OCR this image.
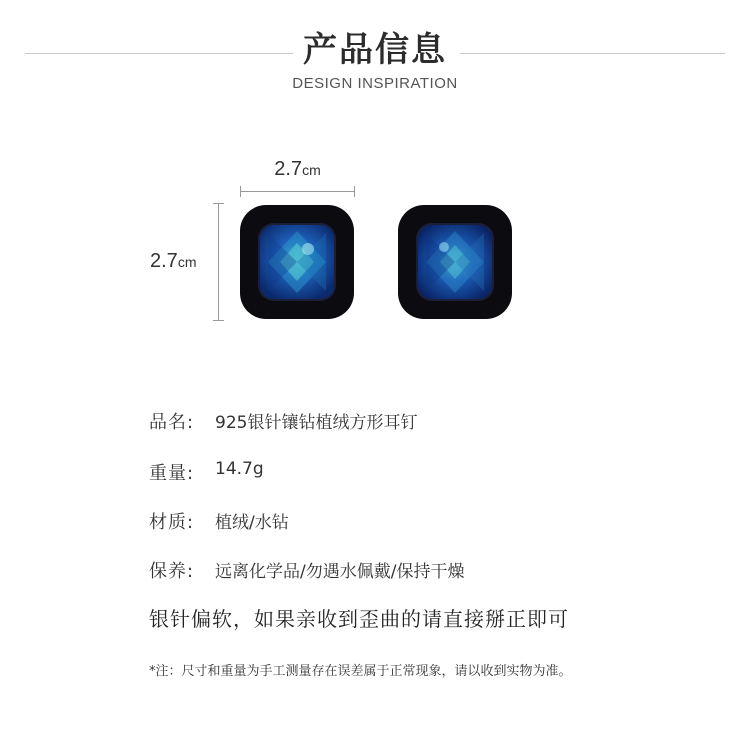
产品信息
DESIGN INSPIRATION
2.7cm
2.7cm
品名: 925银针镶钻植绒方形耳钉
重量: 14.7g
材质: 植绒/水钻
保养: 远离化学品/勿遇水佩戴/保持干燥
银针偏软，如果亲收到歪曲的请直接掰正即可
*注：尺寸和重量为手工测量存在误差属于正常现象，请以收到实物为准。
